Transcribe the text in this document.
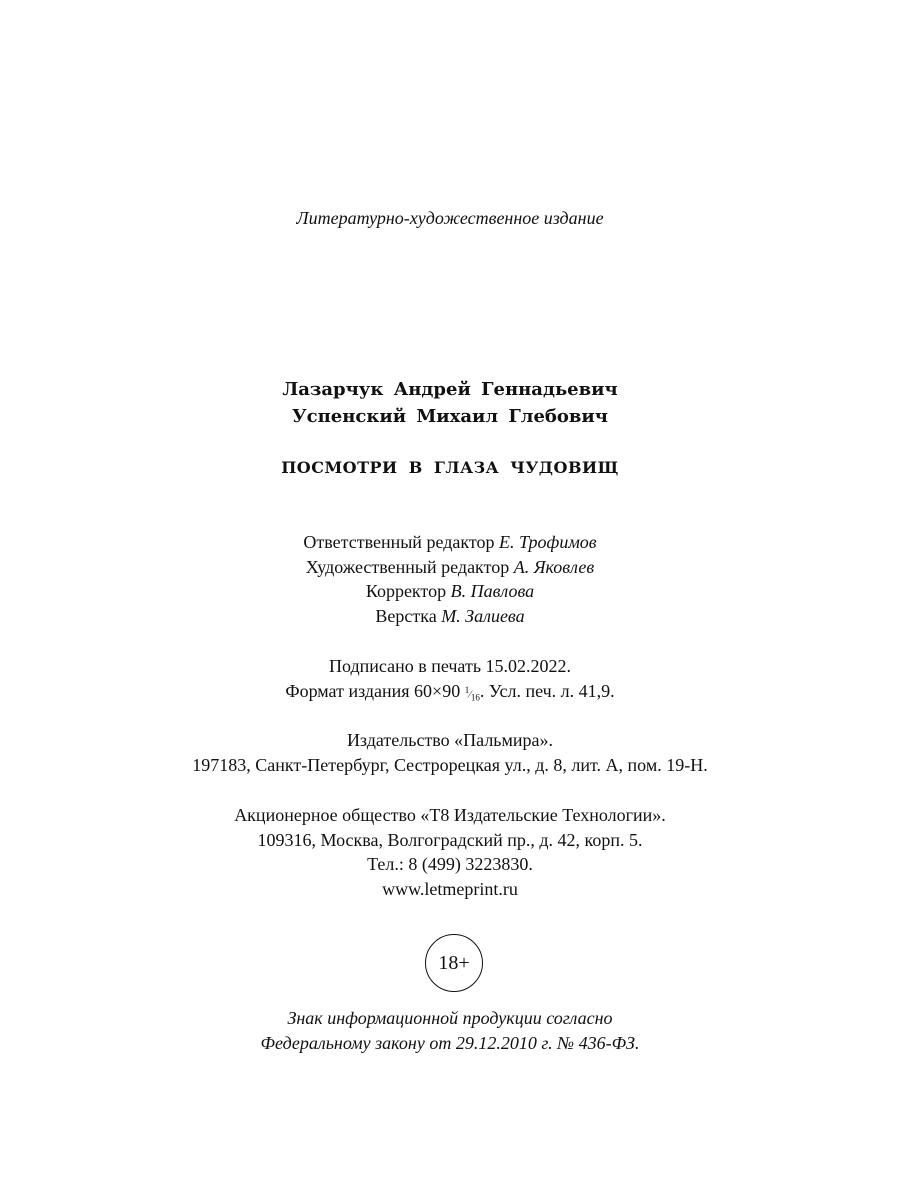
Литературно-художественное издание
Лазарчук Андрей Геннадьевич
Успенский Михаил Глебович
ПОСМОТРИ В ГЛАЗА ЧУДОВИЩ
Ответственный редактор Е. Трофимов
Художественный редактор А. Яковлев
Корректор В. Павлова
Верстка М. Залиева
Подписано в печать 15.02.2022.
Формат издания 60×90 $^1⁄_{16}$. Усл. печ. л. 41,9.
Издательство «Пальмира».
197183, Санкт-Петербург, Сестрорецкая ул., д. 8, лит. А, пом. 19-Н.
Акционерное общество «Т8 Издательские Технологии».
109316, Москва, Волгоградский пр., д. 42, корп. 5.
Тел.: 8 (499) 3223830.
www.letmeprint.ru
18+
Знак информационной продукции согласно
Федеральному закону от 29.12.2010 г. № 436-ФЗ.
